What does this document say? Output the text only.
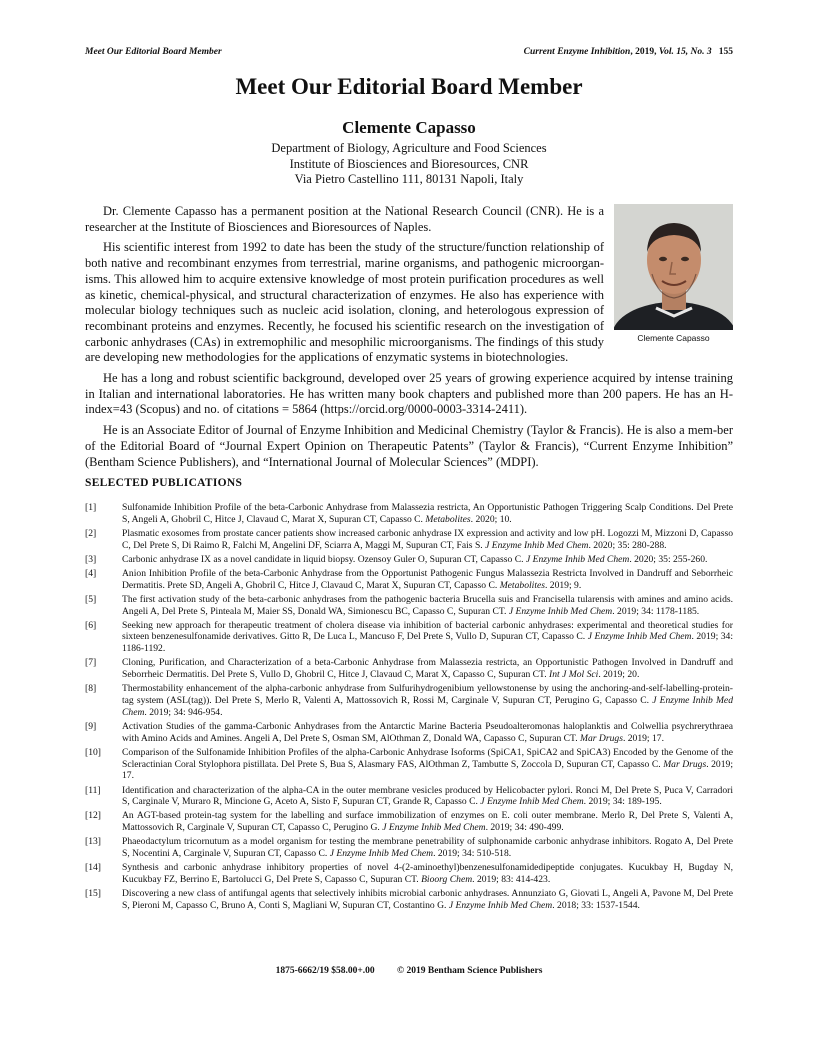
Meet Our Editorial Board Member	Current Enzyme Inhibition, 2019, Vol. 15, No. 3 155
Meet Our Editorial Board Member
Clemente Capasso
Department of Biology, Agriculture and Food Sciences
Institute of Biosciences and Bioresources, CNR
Via Pietro Castellino 111, 80131 Napoli, Italy
Clemente Capasso

Dr. Clemente Capasso has a permanent position at the National Research Council (CNR). He is a researcher at the Institute of Biosciences and Bioresources of Naples.

His scientific interest from 1992 to date has been the study of the structure/function relationship of both native and recombinant enzymes from terrestrial, marine organisms, and pathogenic microorgan-isms. This allowed him to acquire extensive knowledge of most protein purification procedures as well as kinetic, chemical-physical, and structural characterization of enzymes. He also has experience with molecular biology techniques such as nucleic acid isolation, cloning, and heterologous expression of recombinant proteins and enzymes. Recently, he focused his scientific research on the investigation of carbonic anhydrases (CAs) in extremophilic and mesophilic microorganisms. The findings of this study are developing new methodologies for the applications of enzymatic systems in biotechnologies.

He has a long and robust scientific background, developed over 25 years of growing experience acquired by intense training in Italian and international laboratories. He has written many book chapters and published more than 200 papers. He has an H-index=43 (Scopus) and no. of citations = 5864 (https://orcid.org/0000-0003-3314-2411).

He is an Associate Editor of Journal of Enzyme Inhibition and Medicinal Chemistry (Taylor & Francis). He is also a mem-ber of the Editorial Board of “Journal Expert Opinion on Therapeutic Patents” (Taylor & Francis), “Current Enzyme Inhibition” (Bentham Science Publishers), and “International Journal of Molecular Sciences” (MDPI).

SELECTED PUBLICATIONS
[1]	Sulfonamide Inhibition Profile of the beta-Carbonic Anhydrase from Malassezia restricta, An Opportunistic Pathogen Triggering Scalp Conditions. Del Prete S, Angeli A, Ghobril C, Hitce J, Clavaud C, Marat X, Supuran CT, Capasso C. Metabolites. 2020; 10.
[2]	Plasmatic exosomes from prostate cancer patients show increased carbonic anhydrase IX expression and activity and low pH. Logozzi M, Mizzoni D, Capasso C, Del Prete S, Di Raimo R, Falchi M, Angelini DF, Sciarra A, Maggi M, Supuran CT, Fais S. J Enzyme Inhib Med Chem. 2020; 35: 280-288.
[3]	Carbonic anhydrase IX as a novel candidate in liquid biopsy. Ozensoy Guler O, Supuran CT, Capasso C. J Enzyme Inhib Med Chem. 2020; 35: 255-260.
[4]	Anion Inhibition Profile of the beta-Carbonic Anhydrase from the Opportunist Pathogenic Fungus Malassezia Restricta Involved in Dandruff and Seborrheic Dermatitis. Prete SD, Angeli A, Ghobril C, Hitce J, Clavaud C, Marat X, Supuran CT, Capasso C. Metabolites. 2019; 9.
[5]	The first activation study of the beta-carbonic anhydrases from the pathogenic bacteria Brucella suis and Francisella tularensis with amines and amino acids. Angeli A, Del Prete S, Pinteala M, Maier SS, Donald WA, Simionescu BC, Capasso C, Supuran CT. J Enzyme Inhib Med Chem. 2019; 34: 1178-1185.
[6]	Seeking new approach for therapeutic treatment of cholera disease via inhibition of bacterial carbonic anhydrases: experimental and theoretical studies for sixteen benzenesulfonamide derivatives. Gitto R, De Luca L, Mancuso F, Del Prete S, Vullo D, Supuran CT, Capasso C. J Enzyme Inhib Med Chem. 2019; 34: 1186-1192.
[7]	Cloning, Purification, and Characterization of a beta-Carbonic Anhydrase from Malassezia restricta, an Opportunistic Pathogen Involved in Dandruff and Seborrheic Dermatitis. Del Prete S, Vullo D, Ghobril C, Hitce J, Clavaud C, Marat X, Capasso C, Supuran CT. Int J Mol Sci. 2019; 20.
[8]	Thermostability enhancement of the alpha-carbonic anhydrase from Sulfurihydrogenibium yellowstonense by using the anchoring-and-self-labelling-protein-tag system (ASL(tag)). Del Prete S, Merlo R, Valenti A, Mattossovich R, Rossi M, Carginale V, Supuran CT, Perugino G, Capasso C. J Enzyme Inhib Med Chem. 2019; 34: 946-954.
[9]	Activation Studies of the gamma-Carbonic Anhydrases from the Antarctic Marine Bacteria Pseudoalteromonas haloplanktis and Colwellia psychrerythraea with Amino Acids and Amines. Angeli A, Del Prete S, Osman SM, AlOthman Z, Donald WA, Capasso C, Supuran CT. Mar Drugs. 2019; 17.
[10]	Comparison of the Sulfonamide Inhibition Profiles of the alpha-Carbonic Anhydrase Isoforms (SpiCA1, SpiCA2 and SpiCA3) Encoded by the Genome of the Scleractinian Coral Stylophora pistillata. Del Prete S, Bua S, Alasmary FAS, AlOthman Z, Tambutte S, Zoccola D, Supuran CT, Capasso C. Mar Drugs. 2019; 17.
[11]	Identification and characterization of the alpha-CA in the outer membrane vesicles produced by Helicobacter pylori. Ronci M, Del Prete S, Puca V, Carradori S, Carginale V, Muraro R, Mincione G, Aceto A, Sisto F, Supuran CT, Grande R, Capasso C. J Enzyme Inhib Med Chem. 2019; 34: 189-195.
[12]	An AGT-based protein-tag system for the labelling and surface immobilization of enzymes on E. coli outer membrane. Merlo R, Del Prete S, Valenti A, Mattossovich R, Carginale V, Supuran CT, Capasso C, Perugino G. J Enzyme Inhib Med Chem. 2019; 34: 490-499.
[13]	Phaeodactylum tricornutum as a model organism for testing the membrane penetrability of sulphonamide carbonic anhydrase inhibitors. Rogato A, Del Prete S, Nocentini A, Carginale V, Supuran CT, Capasso C. J Enzyme Inhib Med Chem. 2019; 34: 510-518.
[14]	Synthesis and carbonic anhydrase inhibitory properties of novel 4-(2-aminoethyl)benzenesulfonamidedipeptide conjugates. Kucukbay H, Bugday N, Kucukbay FZ, Berrino E, Bartolucci G, Del Prete S, Capasso C, Supuran CT. Bioorg Chem. 2019; 83: 414-423.
[15]	Discovering a new class of antifungal agents that selectively inhibits microbial carbonic anhydrases. Annunziato G, Giovati L, Angeli A, Pavone M, Del Prete S, Pieroni M, Capasso C, Bruno A, Conti S, Magliani W, Supuran CT, Costantino G. J Enzyme Inhib Med Chem. 2018; 33: 1537-1544.
1875-6662/19 $58.00+.00 © 2019 Bentham Science Publishers
